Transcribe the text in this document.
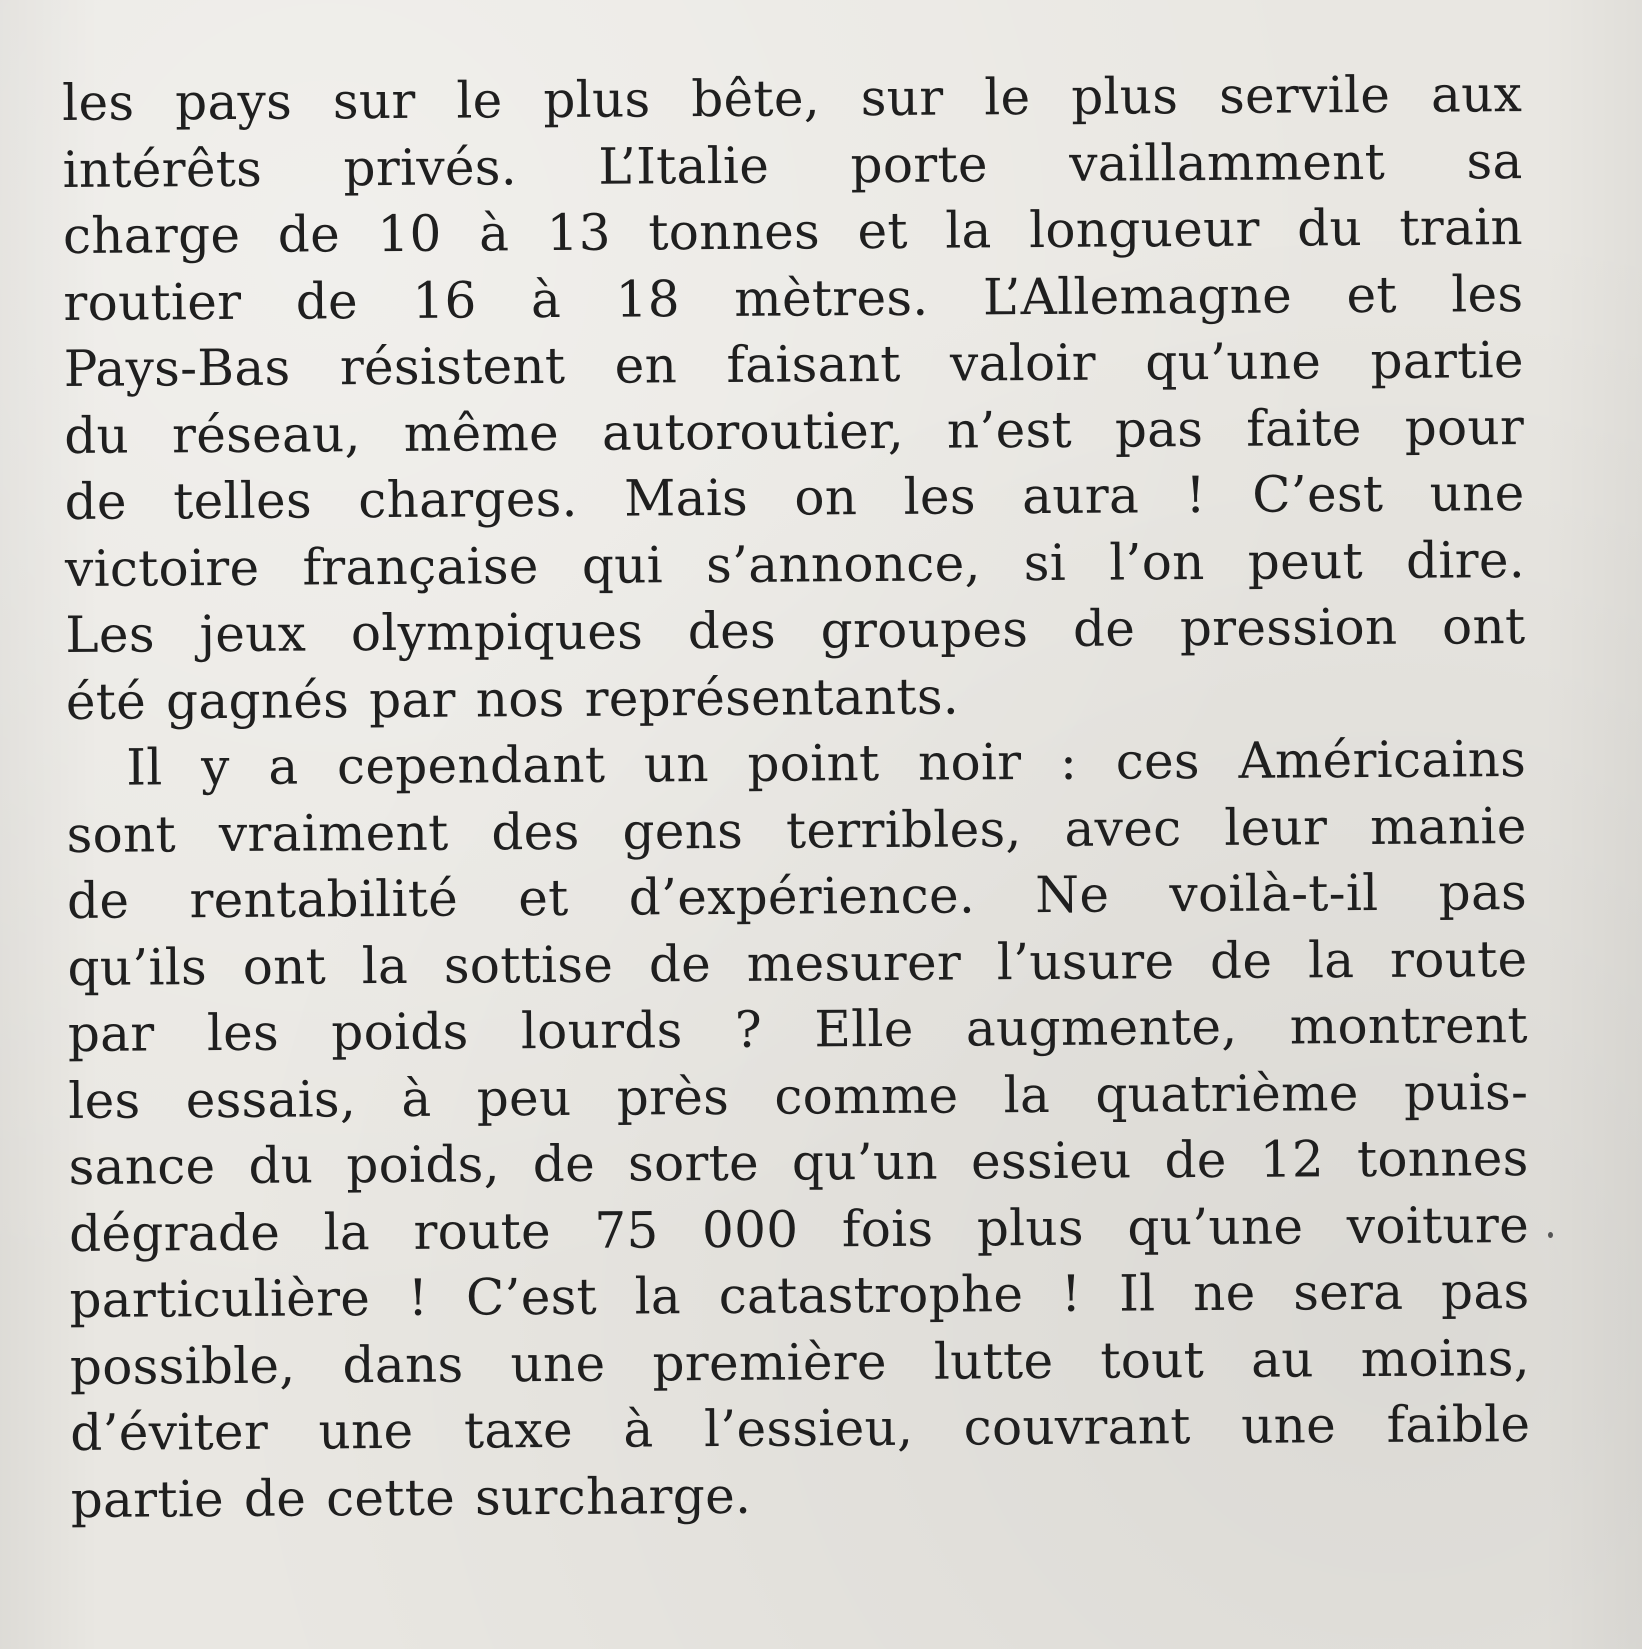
les pays sur le plus bête, sur le plus servile aux
intérêts privés. L’Italie porte vaillamment sa
charge de 10 à 13 tonnes et la longueur du train
routier de 16 à 18 mètres. L’Allemagne et les
Pays-Bas résistent en faisant valoir qu’une partie
du réseau, même autoroutier, n’est pas faite pour
de telles charges. Mais on les aura ! C’est une
victoire française qui s’annonce, si l’on peut dire.
Les jeux olympiques des groupes de pression ont
été gagnés par nos représentants.
Il y a cependant un point noir : ces Américains
sont vraiment des gens terribles, avec leur manie
de rentabilité et d’expérience. Ne voilà-t-il pas
qu’ils ont la sottise de mesurer l’usure de la route
par les poids lourds ? Elle augmente, montrent
les essais, à peu près comme la quatrième puis-
sance du poids, de sorte qu’un essieu de 12 tonnes
dégrade la route 75 000 fois plus qu’une voiture
particulière ! C’est la catastrophe ! Il ne sera pas
possible, dans une première lutte tout au moins,
d’éviter une taxe à l’essieu, couvrant une faible
partie de cette surcharge.
